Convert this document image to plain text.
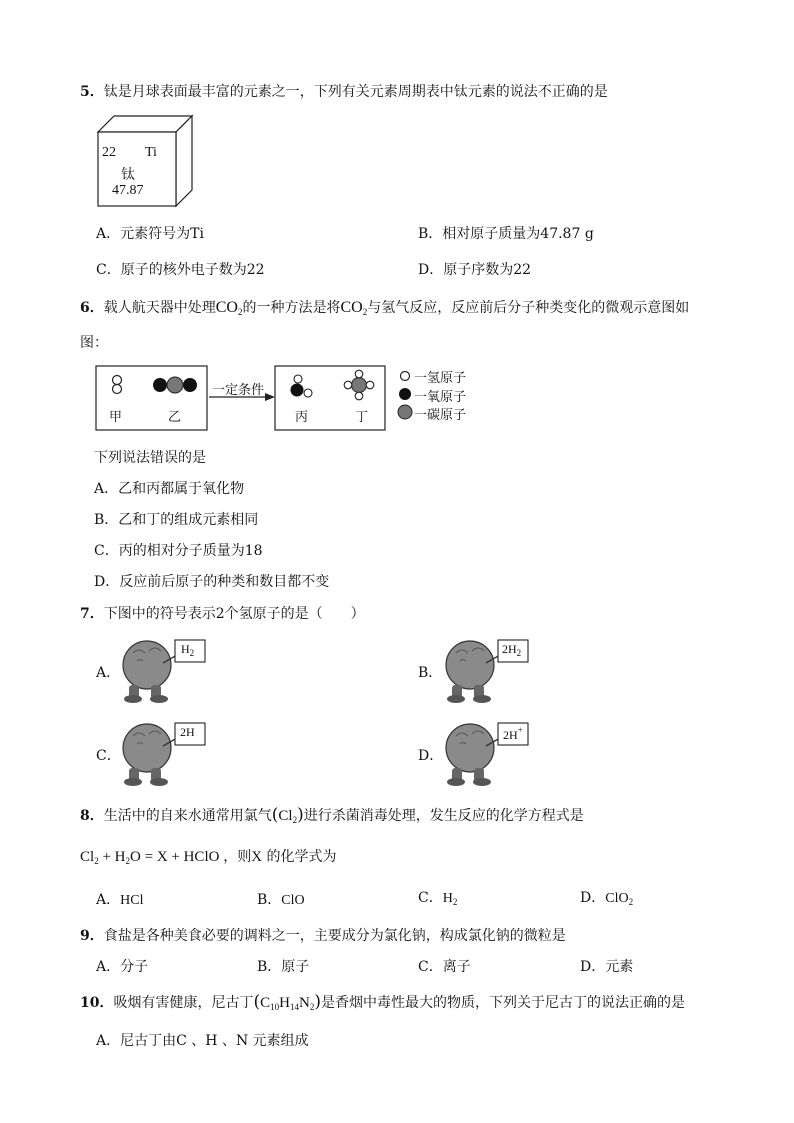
5．钛是月球表面最丰富的元素之一，下列有关元素周期表中钛元素的说法不正确的是
22 Ti
钛
47.87
A．元素符号为Ti	B．相对原子质量为47.87 g
C．原子的核外电子数为22	D．原子序数为22
6．载人航天器中处理$CO_2$的一种方法是将$CO_2$与氢气反应，反应前后分子种类变化的微观示意图如
图：
甲	乙
一定条件
丙	丁
一氢原子
一氧原子
一碳原子
下列说法错误的是
A．乙和丙都属于氧化物
B．乙和丁的组成元素相同
C．丙的相对分子质量为18
D．反应前后原子的种类和数目都不变
7．下图中的符号表示2个氢原子的是（　　）
A．
$H_2$
B．
$2H_2$
C．
2H
D．
2H+
8．生活中的自来水通常用氯气$(Cl_2)$进行杀菌消毒处理，发生反应的化学方程式是
$Cl_2 + H_2O = X$ + HClO ，则X 的化学式为
A．HCl	B．ClO	C．$H_2$	D．ClO$_2$
9．食盐是各种美食必要的调料之一，主要成分为氯化钠，构成氯化钠的微粒是
A．分子	B．原子	C．离子	D．元素
10．吸烟有害健康，尼古丁$(C_{10}H_{14}N_2)$是香烟中毒性最大的物质，下列关于尼古丁的说法正确的是
A．尼古丁由C 、H 、N 元素组成
